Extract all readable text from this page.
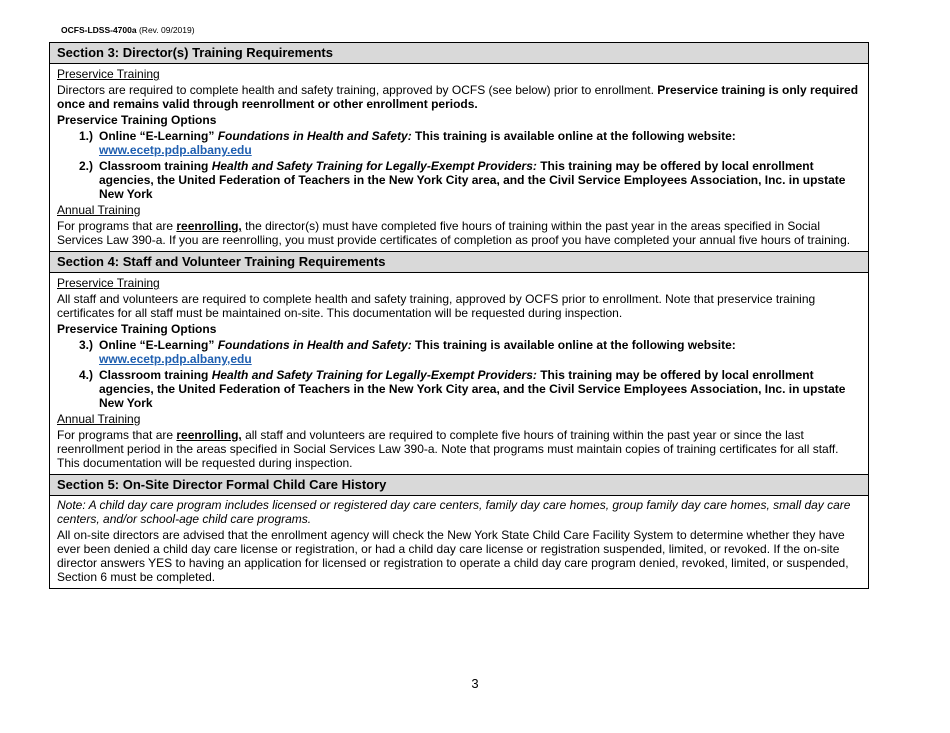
OCFS-LDSS-4700a (Rev. 09/2019)
Section 3: Director(s) Training Requirements
Preservice Training
Directors are required to complete health and safety training, approved by OCFS (see below) prior to enrollment. Preservice training is only required once and remains valid through reenrollment or other enrollment periods.
Preservice Training Options
1.) Online “E-Learning” Foundations in Health and Safety: This training is available online at the following website:
www.ecetp.pdp.albany.edu
2.) Classroom training Health and Safety Training for Legally-Exempt Providers: This training may be offered by local enrollment agencies, the United Federation of Teachers in the New York City area, and the Civil Service Employees Association, Inc. in upstate New York
Annual Training
For programs that are reenrolling, the director(s) must have completed five hours of training within the past year in the areas specified in Social Services Law 390-a. If you are reenrolling, you must provide certificates of completion as proof you have completed your annual five hours of training.
Section 4: Staff and Volunteer Training Requirements
Preservice Training
All staff and volunteers are required to complete health and safety training, approved by OCFS prior to enrollment. Note that preservice training certificates for all staff must be maintained on-site. This documentation will be requested during inspection.
Preservice Training Options
3.) Online “E-Learning” Foundations in Health and Safety: This training is available online at the following website:
www.ecetp.pdp.albany,edu
4.) Classroom training Health and Safety Training for Legally-Exempt Providers: This training may be offered by local enrollment agencies, the United Federation of Teachers in the New York City area, and the Civil Service Employees Association, Inc. in upstate New York
Annual Training
For programs that are reenrolling, all staff and volunteers are required to complete five hours of training within the past year or since the last reenrollment period in the areas specified in Social Services Law 390-a. Note that programs must maintain copies of training certificates for all staff. This documentation will be requested during inspection.
Section 5: On-Site Director Formal Child Care History
Note: A child day care program includes licensed or registered day care centers, family day care homes, group family day care homes, small day care centers, and/or school-age child care programs.
All on-site directors are advised that the enrollment agency will check the New York State Child Care Facility System to determine whether they have ever been denied a child day care license or registration, or had a child day care license or registration suspended, limited, or revoked. If the on-site director answers YES to having an application for licensed or registration to operate a child day care program denied, revoked, limited, or suspended, Section 6 must be completed.
3
